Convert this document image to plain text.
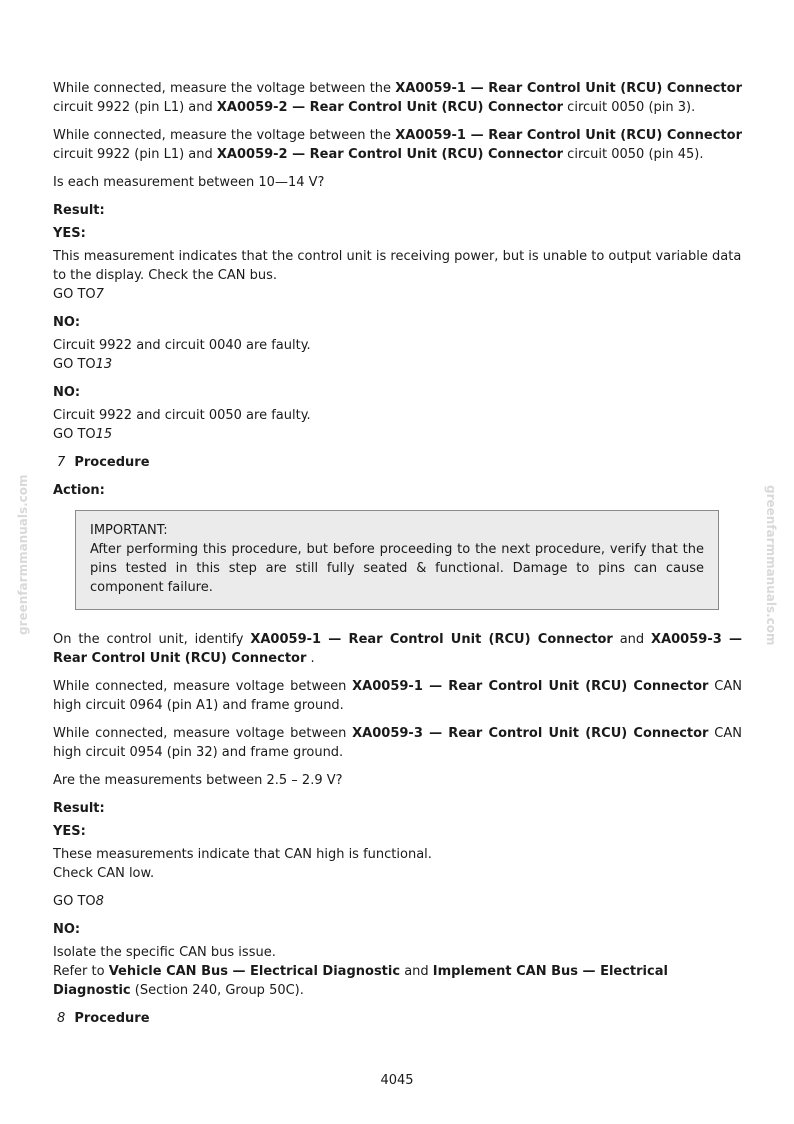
greenfarmmanuals.com	greenfarmmanuals.com

While connected, measure the voltage between the XA0059-1 — Rear Control Unit (RCU) Connector circuit 9922 (pin L1) and XA0059-2 — Rear Control Unit (RCU) Connector circuit 0050 (pin 3).

While connected, measure the voltage between the XA0059-1 — Rear Control Unit (RCU) Connector circuit 9922 (pin L1) and XA0059-2 — Rear Control Unit (RCU) Connector circuit 0050 (pin 45).

Is each measurement between 10—14 V?

Result:

YES:

This measurement indicates that the control unit is receiving power, but is unable to output variable data to the display. Check the CAN bus.
GO TO7

NO:

Circuit 9922 and circuit 0040 are faulty.
GO TO13

NO:

Circuit 9922 and circuit 0050 are faulty.
GO TO15

7 Procedure

Action:

IMPORTANT:
After performing this procedure, but before proceeding to the next procedure, verify that the pins tested in this step are still fully seated & functional. Damage to pins can cause component failure.

On the control unit, identify XA0059-1 — Rear Control Unit (RCU) Connector and XA0059-3 — Rear Control Unit (RCU) Connector .

While connected, measure voltage between XA0059-1 — Rear Control Unit (RCU) Connector CAN high circuit 0964 (pin A1) and frame ground.

While connected, measure voltage between XA0059-3 — Rear Control Unit (RCU) Connector CAN high circuit 0954 (pin 32) and frame ground.

Are the measurements between 2.5 – 2.9 V?

Result:

YES:

These measurements indicate that CAN high is functional.
Check CAN low.

GO TO8

NO:

Isolate the specific CAN bus issue.
Refer to Vehicle CAN Bus — Electrical Diagnostic and Implement CAN Bus — Electrical Diagnostic (Section 240, Group 50C).

8 Procedure

4045
